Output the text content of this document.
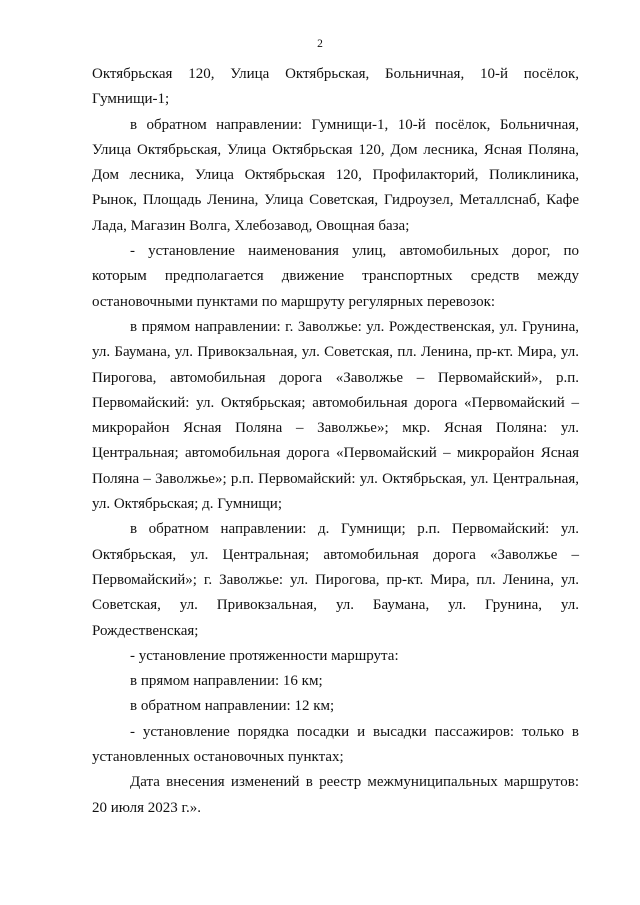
2

Октябрьская 120, Улица Октябрьская, Больничная, 10-й посёлок, Гумнищи-1;

в обратном направлении: Гумнищи-1, 10-й посёлок, Больничная, Улица Октябрьская, Улица Октябрьская 120, Дом лесника, Ясная Поляна, Дом лесника, Улица Октябрьская 120, Профилакторий, Поликлиника, Рынок, Площадь Ленина, Улица Советская, Гидроузел, Металлснаб, Кафе Лада, Магазин Волга, Хлебозавод, Овощная база;

- установление наименования улиц, автомобильных дорог, по которым предполагается движение транспортных средств между остановочными пунктами по маршруту регулярных перевозок:

в прямом направлении: г. Заволжье: ул. Рождественская, ул. Грунина, ул. Баумана, ул. Привокзальная, ул. Советская, пл. Ленина, пр-кт. Мира, ул. Пирогова, автомобильная дорога «Заволжье – Первомайский», р.п. Первомайский: ул. Октябрьская; автомобильная дорога «Первомайский – микрорайон Ясная Поляна – Заволжье»; мкр. Ясная Поляна: ул. Центральная; автомобильная дорога «Первомайский – микрорайон Ясная Поляна – Заволжье»; р.п. Первомайский: ул. Октябрьская, ул. Центральная, ул. Октябрьская; д. Гумнищи;

в обратном направлении: д. Гумнищи; р.п. Первомайский: ул. Октябрьская, ул. Центральная; автомобильная дорога «Заволжье – Первомайский»; г. Заволжье: ул. Пирогова, пр-кт. Мира, пл. Ленина, ул. Советская, ул. Привокзальная, ул. Баумана, ул. Грунина, ул. Рождественская;

- установление протяженности маршрута:

в прямом направлении: 16 км;

в обратном направлении: 12 км;

- установление порядка посадки и высадки пассажиров: только в установленных остановочных пунктах;

Дата внесения изменений в реестр межмуниципальных маршрутов: 20 июля 2023 г.».
